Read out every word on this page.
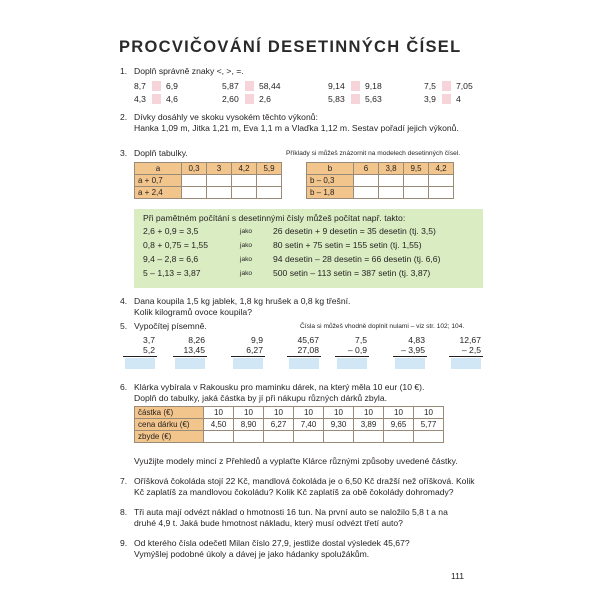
PROCVIČOVÁNÍ DESETINNÝCH ČÍSEL
1. Doplň správně znaky <, >, =.
8,7 6,9	5,87 58,44	9,14 9,18	7,5 7,05
4,3 4,6	2,60 2,6	5,83 5,63	3,9 4
2. Dívky dosáhly ve skoku vysokém těchto výkonů:
Hanka 1,09 m, Jitka 1,21 m, Eva 1,1 m a Vlaďka 1,12 m. Sestav pořadí jejich výkonů.
3. Doplň tabulky.	Příklady si můžeš znázornit na modelech desetinných čísel.
a	0,3	3	4,2	5,9
a + 0,7				
a + 2,4				
b	6	3,8	9,5	4,2
b – 0,3				
b – 1,8				
Při pamětném počítání s desetinnými čísly můžeš počítat např. takto:
2,6 + 0,9 = 3,5	jako 26 desetin + 9 desetin = 35 desetin (tj. 3,5)
0,8 + 0,75 = 1,55	jako 80 setin + 75 setin = 155 setin (tj. 1,55)
9,4 – 2,8 = 6,6	jako 94 desetin – 28 desetin = 66 desetin (tj. 6,6)
5 – 1,13 = 3,87	jako 500 setin – 113 setin = 387 setin (tj. 3,87)
4. Dana koupila 1,5 kg jablek, 1,8 kg hrušek a 0,8 kg třešní.
Kolik kilogramů ovoce koupila?
5. Vypočítej písemně.	Čísla si můžeš vhodně doplnit nulami – viz str. 102; 104.
3,7
5,2
8,26
13,45
9,9
6,27
45,67
27,08
7,5
– 0,9
4,83
– 3,95
12,67
– 2,5
6. Klárka vybírala v Rakousku pro maminku dárek, na který měla 10 eur (10 €).
Doplň do tabulky, jaká částka by jí při nákupu různých dárků zbyla.
částka (€)	10	10	10	10	10	10	10	10
cena dárku (€)	4,50	8,90	6,27	7,40	9,30	3,89	9,65	5,77
zbyde (€)								
Využijte modely mincí z Přehledů a vyplaťte Klárce různými způsoby uvedené částky.
7. Oříšková čokoláda stojí 22 Kč, mandlová čokoláda je o 6,50 Kč dražší než oříšková. Kolik
Kč zaplatíš za mandlovou čokoládu? Kolik Kč zaplatíš za obě čokolády dohromady?
8. Tři auta mají odvézt náklad o hmotnosti 16 tun. Na první auto se naložilo 5,8 t a na
druhé 4,9 t. Jaká bude hmotnost nákladu, který musí odvézt třetí auto?
9. Od kterého čísla odečetl Milan číslo 27,9, jestliže dostal výsledek 45,67?
Vymýšlej podobné úkoly a dávej je jako hádanky spolužákům.
111
